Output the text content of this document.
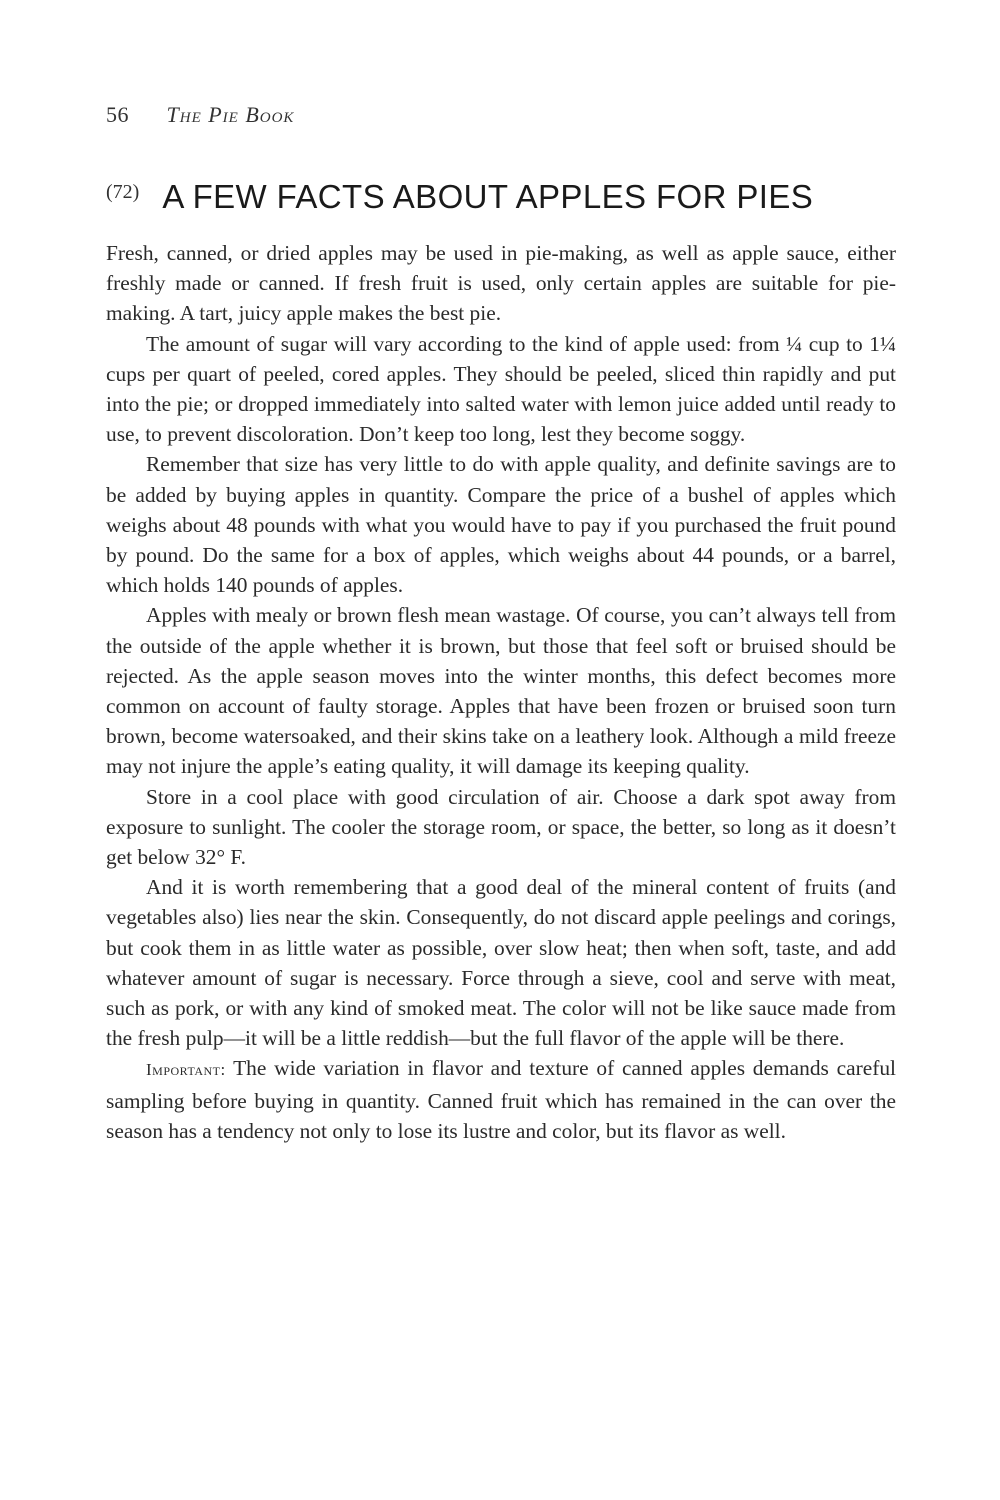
56 The Pie Book
(72) A FEW FACTS ABOUT APPLES FOR PIES

Fresh, canned, or dried apples may be used in pie-making, as well as apple sauce, either freshly made or canned. If fresh fruit is used, only certain apples are suitable for pie-making. A tart, juicy apple makes the best pie.

The amount of sugar will vary according to the kind of apple used: from ¼ cup to 1¼ cups per quart of peeled, cored apples. They should be peeled, sliced thin rapidly and put into the pie; or dropped immediately into salted water with lemon juice added until ready to use, to prevent discoloration. Don’t keep too long, lest they become soggy.

Remember that size has very little to do with apple quality, and definite savings are to be added by buying apples in quantity. Compare the price of a bushel of apples which weighs about 48 pounds with what you would have to pay if you purchased the fruit pound by pound. Do the same for a box of apples, which weighs about 44 pounds, or a barrel, which holds 140 pounds of apples.

Apples with mealy or brown flesh mean wastage. Of course, you can’t always tell from the outside of the apple whether it is brown, but those that feel soft or bruised should be rejected. As the apple season moves into the winter months, this defect becomes more common on account of faulty storage. Apples that have been frozen or bruised soon turn brown, become watersoaked, and their skins take on a leathery look. Although a mild freeze may not injure the apple’s eating quality, it will damage its keeping quality.

Store in a cool place with good circulation of air. Choose a dark spot away from exposure to sunlight. The cooler the storage room, or space, the better, so long as it doesn’t get below 32° F.

And it is worth remembering that a good deal of the mineral content of fruits (and vegetables also) lies near the skin. Consequently, do not discard apple peelings and corings, but cook them in as little water as possible, over slow heat; then when soft, taste, and add whatever amount of sugar is necessary. Force through a sieve, cool and serve with meat, such as pork, or with any kind of smoked meat. The color will not be like sauce made from the fresh pulp—it will be a little reddish—but the full flavor of the apple will be there.

Important: The wide variation in flavor and texture of canned apples demands careful sampling before buying in quantity. Canned fruit which has remained in the can over the season has a tendency not only to lose its lustre and color, but its flavor as well.
